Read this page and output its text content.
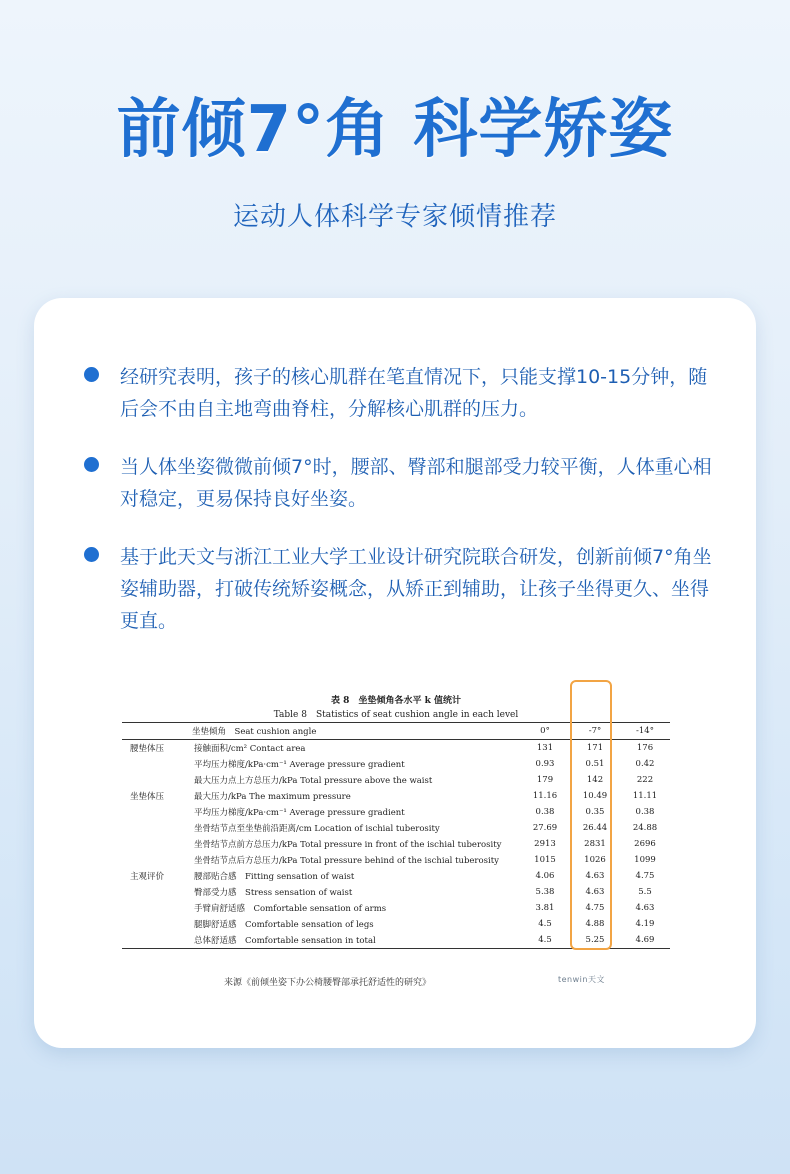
前倾7°角 科学矫姿

运动人体科学专家倾情推荐

经研究表明，孩子的核心肌群在笔直情况下，只能支撑10-15分钟，随后会不由自主地弯曲脊柱，分解核心肌群的压力。
当人体坐姿微微前倾7°时，腰部、臀部和腿部受力较平衡，人体重心相对稳定，更易保持良好坐姿。
基于此天文与浙江工业大学工业设计研究院联合研发，创新前倾7°角坐姿辅助器，打破传统矫姿概念，从矫正到辅助，让孩子坐得更久、坐得更直。

表 8　坐垫倾角各水平 k 值统计

Table 8　Statistics of seat cushion angle in each level

坐垫倾角　Seat cushion angle		0°	-7°	-14°
腰垫体压	接触面积/cm² Contact area	131	171	176
	平均压力梯度/kPa·cm⁻¹ Average pressure gradient	0.93	0.51	0.42
	最大压力点上方总压力/kPa Total pressure above the waist	179	142	222
坐垫体压	最大压力/kPa The maximum pressure	11.16	10.49	11.11
	平均压力梯度/kPa·cm⁻¹ Average pressure gradient	0.38	0.35	0.38
	坐骨结节点至坐垫前沿距离/cm Location of ischial tuberosity	27.69	26.44	24.88
	坐骨结节点前方总压力/kPa Total pressure in front of the ischial tuberosity	2913	2831	2696
	坐骨结节点后方总压力/kPa Total pressure behind of the ischial tuberosity	1015	1026	1099
主观评价	腰部贴合感　Fitting sensation of waist	4.06	4.63	4.75
	臀部受力感　Stress sensation of waist	5.38	4.63	5.5
	手臂肩舒适感　Comfortable sensation of arms	3.81	4.75	4.63
	腿脚舒适感　Comfortable sensation of legs	4.5	4.88	4.19
	总体舒适感　Comfortable sensation in total	4.5	5.25	4.69

来源《前倾坐姿下办公椅腰臀部承托舒适性的研究》	tenwin天文
